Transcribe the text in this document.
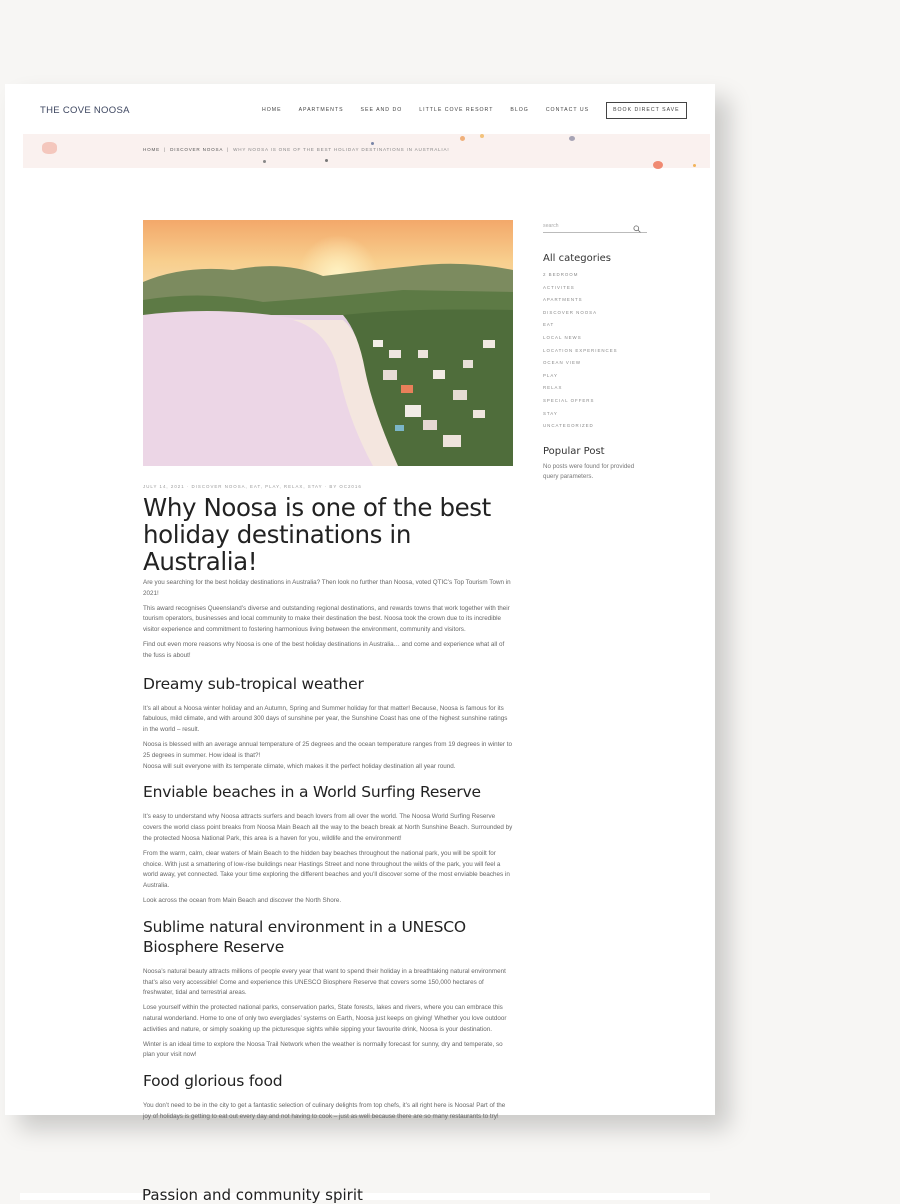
THE COVE NOOSA	HOME	APARTMENTS	SEE AND DO	LITTLE COVE RESORT	BLOG	CONTACT US	BOOK DIRECT SAVE
HOME | DISCOVER NOOSA | WHY NOOSA IS ONE OF THE BEST HOLIDAY DESTINATIONS IN AUSTRALIA!
JULY 14, 2021 · DISCOVER NOOSA, EAT, PLAY, RELAX, STAY · BY OC2016
Why Noosa is one of the best holiday destinations in Australia!

Are you searching for the best holiday destinations in Australia? Then look no further than Noosa, voted QTIC’s Top Tourism Town in 2021!

This award recognises Queensland’s diverse and outstanding regional destinations, and rewards towns that work together with their tourism operators, businesses and local community to make their destination the best. Noosa took the crown due to its incredible visitor experience and commitment to fostering harmonious living between the environment, community and visitors.

Find out even more reasons why Noosa is one of the best holiday destinations in Australia… and come and experience what all of the fuss is about!

Dreamy sub-tropical weather

It’s all about a Noosa winter holiday and an Autumn, Spring and Summer holiday for that matter! Because, Noosa is famous for its fabulous, mild climate, and with around 300 days of sunshine per year, the Sunshine Coast has one of the highest sunshine ratings in the world – result.

Noosa is blessed with an average annual temperature of 25 degrees and the ocean temperature ranges from 19 degrees in winter to 25 degrees in summer. How ideal is that?!

Noosa will suit everyone with its temperate climate, which makes it the perfect holiday destination all year round.

Enviable beaches in a World Surfing Reserve

It’s easy to understand why Noosa attracts surfers and beach lovers from all over the world. The Noosa World Surfing Reserve covers the world class point breaks from Noosa Main Beach all the way to the beach break at North Sunshine Beach. Surrounded by the protected Noosa National Park, this area is a haven for you, wildlife and the environment!

From the warm, calm, clear waters of Main Beach to the hidden bay beaches throughout the national park, you will be spoilt for choice. With just a smattering of low-rise buildings near Hastings Street and none throughout the wilds of the park, you will feel a world away, yet connected. Take your time exploring the different beaches and you’ll discover some of the most enviable beaches in Australia.

Look across the ocean from Main Beach and discover the North Shore.

Sublime natural environment in a UNESCO Biosphere Reserve

Noosa’s natural beauty attracts millions of people every year that want to spend their holiday in a breathtaking natural environment that’s also very accessible! Come and experience this UNESCO Biosphere Reserve that covers some 150,000 hectares of freshwater, tidal and terrestrial areas.

Lose yourself within the protected national parks, conservation parks, State forests, lakes and rivers, where you can embrace this natural wonderland. Home to one of only two everglades’ systems on Earth, Noosa just keeps on giving! Whether you love outdoor activities and nature, or simply soaking up the picturesque sights while sipping your favourite drink, Noosa is your destination.

Winter is an ideal time to explore the Noosa Trail Network when the weather is normally forecast for sunny, dry and temperate, so plan your visit now!

Food glorious food

You don’t need to be in the city to get a fantastic selection of culinary delights from top chefs, it’s all right here is Noosa! Part of the joy of holidays is getting to eat out every day and not having to cook – just as well because there are so many restaurants to try!

search
All categories
2 BEDROOM
ACTIVITES
APARTMENTS
DISCOVER NOOSA
EAT
LOCAL NEWS
LOCATION EXPERIENCES
OCEAN VIEW
PLAY
RELAX
SPECIAL OFFERS
STAY
UNCATEGORIZED
Popular Post
No posts were found for provided query parameters.
Passion and community spirit
